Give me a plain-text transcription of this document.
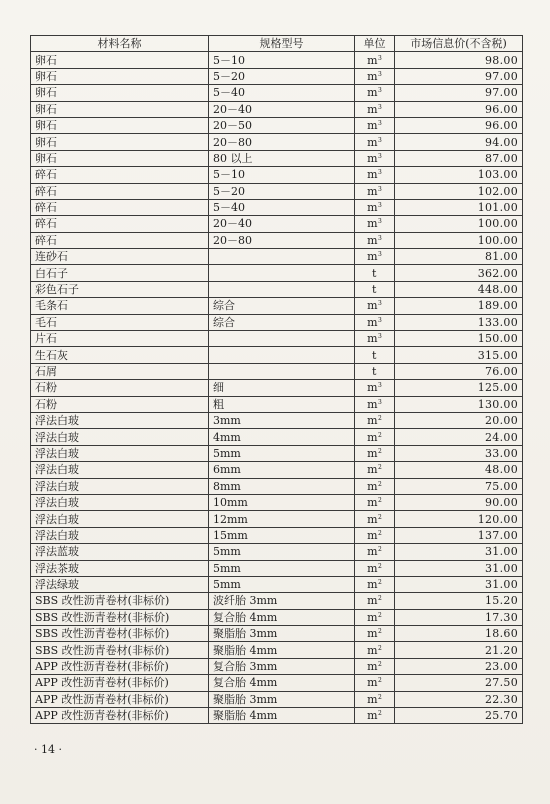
材料名称	规格型号	单位	市场信息价(不含税)
卵石	5－10	$m^3$	98.00
卵石	5－20	$m^3$	97.00
卵石	5－40	$m^3$	97.00
卵石	20－40	$m^3$	96.00
卵石	20－50	$m^3$	96.00
卵石	20－80	$m^3$	94.00
卵石	80 以上	$m^3$	87.00
碎石	5－10	$m^3$	103.00
碎石	5－20	$m^3$	102.00
碎石	5－40	$m^3$	101.00
碎石	20－40	$m^3$	100.00
碎石	20－80	$m^3$	100.00
连砂石		$m^3$	81.00
白石子		t	362.00
彩色石子		t	448.00
毛条石	综合	$m^3$	189.00
毛石	综合	$m^3$	133.00
片石		$m^3$	150.00
生石灰		t	315.00
石屑		t	76.00
石粉	细	$m^3$	125.00
石粉	粗	$m^3$	130.00
浮法白玻	3mm	$m^2$	20.00
浮法白玻	4mm	$m^2$	24.00
浮法白玻	5mm	$m^2$	33.00
浮法白玻	6mm	$m^2$	48.00
浮法白玻	8mm	$m^2$	75.00
浮法白玻	10mm	$m^2$	90.00
浮法白玻	12mm	$m^2$	120.00
浮法白玻	15mm	$m^2$	137.00
浮法蓝玻	5mm	$m^2$	31.00
浮法茶玻	5mm	$m^2$	31.00
浮法绿玻	5mm	$m^2$	31.00
SBS 改性沥青卷材(非标价)	波纤胎 3mm	$m^2$	15.20
SBS 改性沥青卷材(非标价)	复合胎 4mm	$m^2$	17.30
SBS 改性沥青卷材(非标价)	聚脂胎 3mm	$m^2$	18.60
SBS 改性沥青卷材(非标价)	聚脂胎 4mm	$m^2$	21.20
APP 改性沥青卷材(非标价)	复合胎 3mm	$m^2$	23.00
APP 改性沥青卷材(非标价)	复合胎 4mm	$m^2$	27.50
APP 改性沥青卷材(非标价)	聚脂胎 3mm	$m^2$	22.30
APP 改性沥青卷材(非标价)	聚脂胎 4mm	$m^2$	25.70
· 14 ·
